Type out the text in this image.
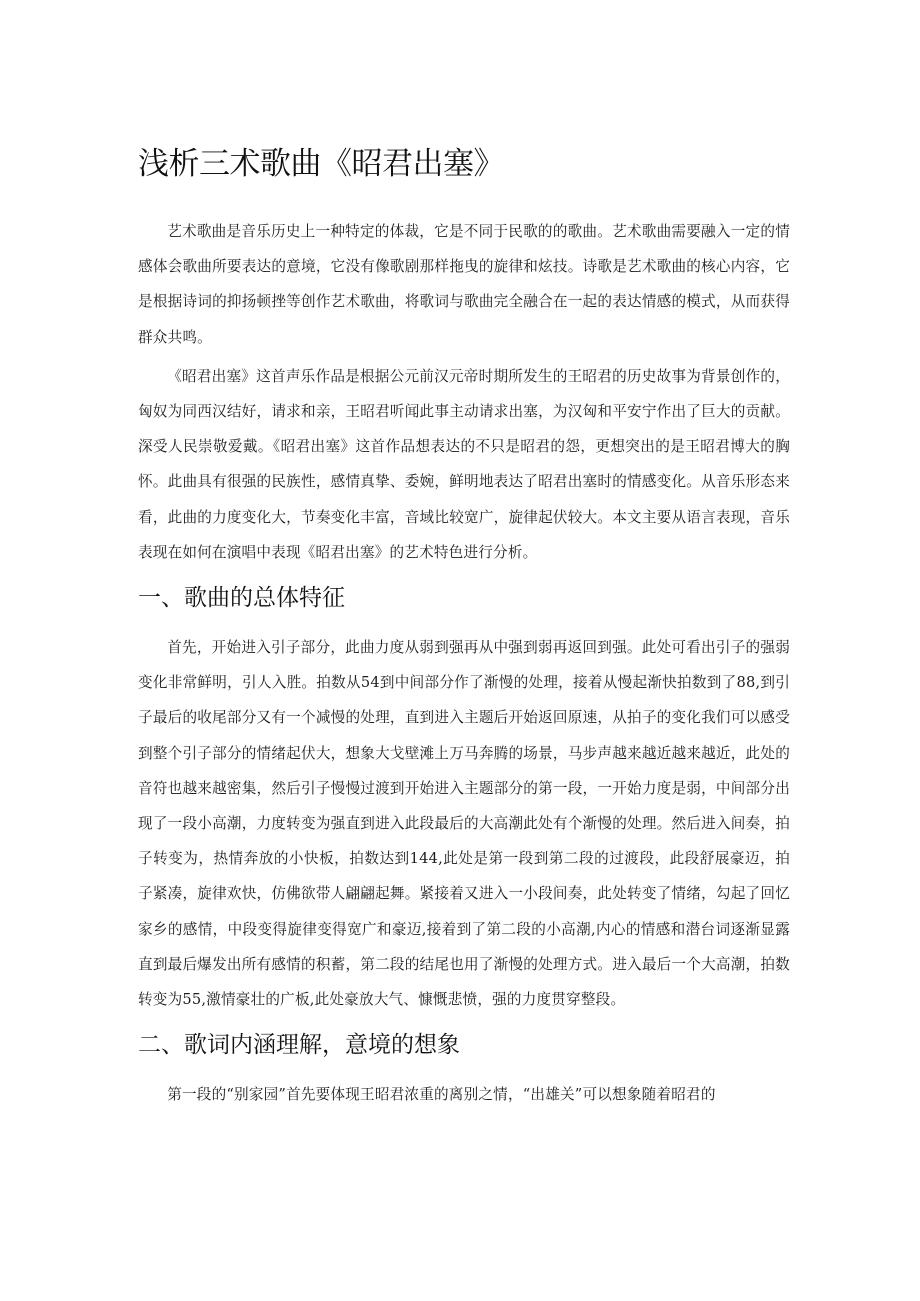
浅析三术歌曲《昭君出塞》

艺术歌曲是音乐历史上一种特定的体裁，它是不同于民歌的的歌曲。艺术歌曲需要融入一定的情感体会歌曲所要表达的意境，它没有像歌剧那样拖曳的旋律和炫技。诗歌是艺术歌曲的核心内容，它是根据诗词的抑扬顿挫等创作艺术歌曲，将歌词与歌曲完全融合在一起的表达情感的模式，从而获得群众共鸣。

《昭君出塞》这首声乐作品是根据公元前汉元帝时期所发生的王昭君的历史故事为背景创作的，匈奴为同西汉结好，请求和亲，王昭君听闻此事主动请求出塞，为汉匈和平安宁作出了巨大的贡献。深受人民崇敬爱戴。《昭君出塞》这首作品想表达的不只是昭君的怨，更想突出的是王昭君博大的胸怀。此曲具有很强的民族性，感情真挚、委婉，鲜明地表达了昭君出塞时的情感变化。从音乐形态来看，此曲的力度变化大，节奏变化丰富，音域比较宽广，旋律起伏较大。本文主要从语言表现，音乐表现在如何在演唱中表现《昭君出塞》的艺术特色进行分析。

一、歌曲的总体特征

首先，开始进入引子部分，此曲力度从弱到强再从中强到弱再返回到强。此处可看出引子的强弱变化非常鲜明，引人入胜。拍数从54到中间部分作了渐慢的处理，接着从慢起渐快拍数到了88,到引子最后的收尾部分又有一个减慢的处理，直到进入主题后开始返回原速，从拍子的变化我们可以感受到整个引子部分的情绪起伏大，想象大戈壁滩上万马奔腾的场景，马步声越来越近越来越近，此处的音符也越来越密集，然后引子慢慢过渡到开始进入主题部分的第一段，一开始力度是弱，中间部分出现了一段小高潮，力度转变为强直到进入此段最后的大高潮此处有个渐慢的处理。然后进入间奏，拍子转变为，热情奔放的小快板，拍数达到144,此处是第一段到第二段的过渡段，此段舒展豪迈，拍子紧凑，旋律欢快，仿佛欲带人翩翩起舞。紧接着又进入一小段间奏，此处转变了情绪，勾起了回忆家乡的感情，中段变得旋律变得宽广和豪迈,接着到了第二段的小高潮,内心的情感和潜台词逐渐显露直到最后爆发出所有感情的积蓄，第二段的结尾也用了渐慢的处理方式。进入最后一个大高潮，拍数转变为55,激情豪壮的广板,此处豪放大气、慷慨悲愤，强的力度贯穿整段。

二、歌词内涵理解，意境的想象

第一段的“别家园”首先要体现王昭君浓重的离别之情，“出雄关”可以想象随着昭君的
